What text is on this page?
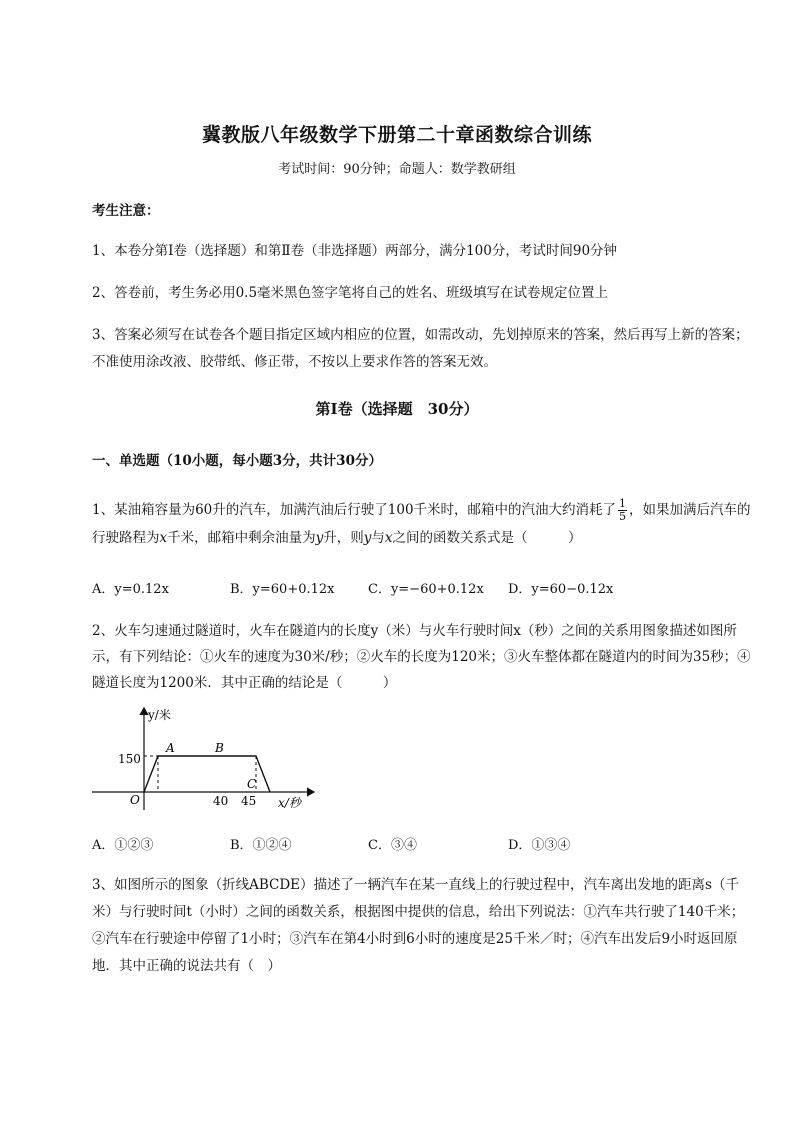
冀教版八年级数学下册第二十章函数综合训练
考试时间：90分钟；命题人：数学教研组
考生注意：
1、本卷分第I卷（选择题）和第Ⅱ卷（非选择题）两部分，满分100分，考试时间90分钟
2、答卷前，考生务必用0.5毫米黑色签字笔将自己的姓名、班级填写在试卷规定位置上
3、答案必须写在试卷各个题目指定区域内相应的位置，如需改动，先划掉原来的答案，然后再写上新的答案；不准使用涂改液、胶带纸、修正带，不按以上要求作答的答案无效。
第I卷（选择题　30分）
一、单选题（10小题，每小题3分，共计30分）
1、某油箱容量为60升的汽车，加满汽油后行驶了100千米时，邮箱中的汽油大约消耗了 $\frac{1}{5}$ ，如果加满后汽车的行驶路程为x千米，邮箱中剩余油量为y升，则y与x之间的函数关系式是（　　　）
A．y=0.12x	B．y=60+0.12x	C．y=−60+0.12x D．y=60−0.12x
2、火车匀速通过隧道时，火车在隧道内的长度y（米）与火车行驶时间x（秒）之间的关系用图象描述如图所示，有下列结论：①火车的速度为30米/秒；②火车的长度为120米；③火车整体都在隧道内的时间为35秒；④隧道长度为1200米．其中正确的结论是（　　　）
y/米
x/秒
O
150
40 45
A	B
C
A．①②③	B．①②④	C．③④	D．①③④
3、如图所示的图象（折线ABCDE）描述了一辆汽车在某一直线上的行驶过程中，汽车离出发地的距离s（千米）与行驶时间t（小时）之间的函数关系，根据图中提供的信息，给出下列说法：①汽车共行驶了140千米；②汽车在行驶途中停留了1小时；③汽车在第4小时到6小时的速度是25千米／时；④汽车出发后9小时返回原地．其中正确的说法共有（　）
